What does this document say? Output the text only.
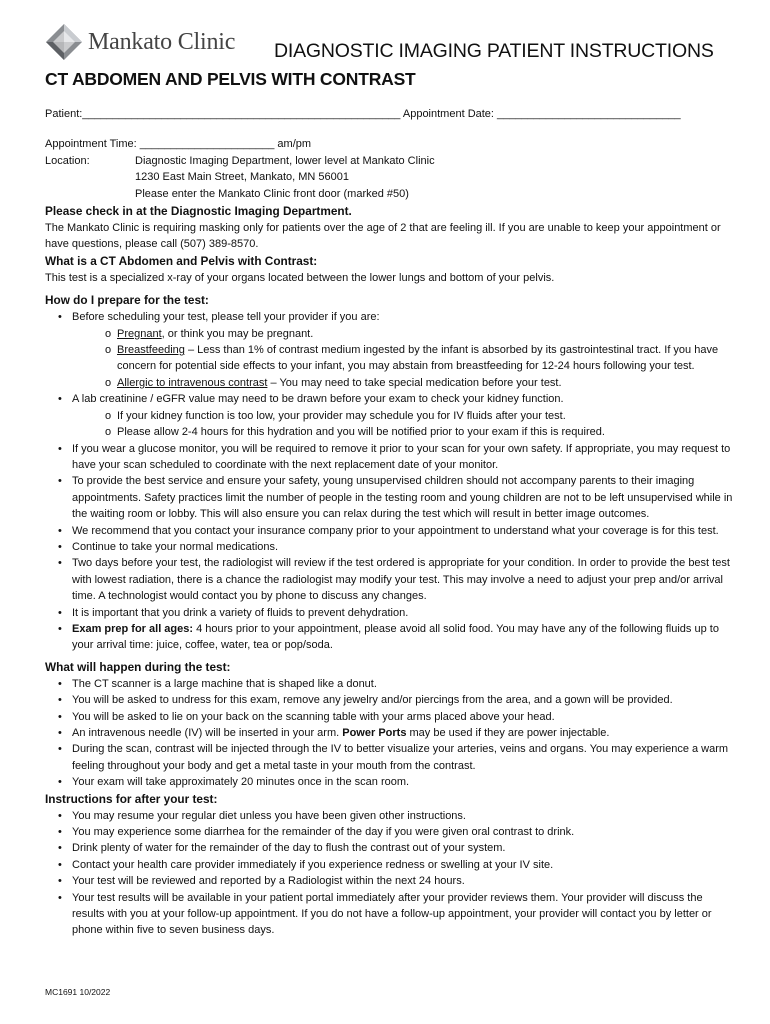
Mankato Clinic DIAGNOSTIC IMAGING PATIENT INSTRUCTIONS
CT ABDOMEN AND PELVIS WITH CONTRAST
Patient:____________________________________________________ Appointment Date: ______________________________
Appointment Time: ______________________ am/pm
Location:	Diagnostic Imaging Department, lower level at Mankato Clinic
1230 East Main Street, Mankato, MN 56001
Please enter the Mankato Clinic front door (marked #50)
Please check in at the Diagnostic Imaging Department.

The Mankato Clinic is requiring masking only for patients over the age of 2 that are feeling ill. If you are unable to keep your appointment or have questions, please call (507) 389-8570.

What is a CT Abdomen and Pelvis with Contrast:

This test is a specialized x-ray of your organs located between the lower lungs and bottom of your pelvis.

How do I prepare for the test:
• Before scheduling your test, please tell your provider if you are:
o Pregnant, or think you may be pregnant.
o Breastfeeding – Less than 1% of contrast medium ingested by the infant is absorbed by its gastrointestinal tract. If you have concern for potential side effects to your infant, you may abstain from breastfeeding for 12-24 hours following your test.
o Allergic to intravenous contrast – You may need to take special medication before your test.
• A lab creatinine / eGFR value may need to be drawn before your exam to check your kidney function.
o If your kidney function is too low, your provider may schedule you for IV fluids after your test.
o Please allow 2-4 hours for this hydration and you will be notified prior to your exam if this is required.
• If you wear a glucose monitor, you will be required to remove it prior to your scan for your own safety. If appropriate, you may request to have your scan scheduled to coordinate with the next replacement date of your monitor.
• To provide the best service and ensure your safety, young unsupervised children should not accompany parents to their imaging appointments. Safety practices limit the number of people in the testing room and young children are not to be left unsupervised while in the waiting room or lobby. This will also ensure you can relax during the test which will result in better image outcomes.
• We recommend that you contact your insurance company prior to your appointment to understand what your coverage is for this test.
• Continue to take your normal medications.
• Two days before your test, the radiologist will review if the test ordered is appropriate for your condition. In order to provide the best test with lowest radiation, there is a chance the radiologist may modify your test. This may involve a need to adjust your prep and/or arrival time. A technologist would contact you by phone to discuss any changes.
• It is important that you drink a variety of fluids to prevent dehydration.
• Exam prep for all ages: 4 hours prior to your appointment, please avoid all solid food. You may have any of the following fluids up to your arrival time: juice, coffee, water, tea or pop/soda.
What will happen during the test:
• The CT scanner is a large machine that is shaped like a donut.
• You will be asked to undress for this exam, remove any jewelry and/or piercings from the area, and a gown will be provided.
• You will be asked to lie on your back on the scanning table with your arms placed above your head.
• An intravenous needle (IV) will be inserted in your arm. Power Ports may be used if they are power injectable.
• During the scan, contrast will be injected through the IV to better visualize your arteries, veins and organs. You may experience a warm feeling throughout your body and get a metal taste in your mouth from the contrast.
• Your exam will take approximately 20 minutes once in the scan room.
Instructions for after your test:
• You may resume your regular diet unless you have been given other instructions.
• You may experience some diarrhea for the remainder of the day if you were given oral contrast to drink.
• Drink plenty of water for the remainder of the day to flush the contrast out of your system.
• Contact your health care provider immediately if you experience redness or swelling at your IV site.
• Your test will be reviewed and reported by a Radiologist within the next 24 hours.
• Your test results will be available in your patient portal immediately after your provider reviews them. Your provider will discuss the results with you at your follow-up appointment. If you do not have a follow-up appointment, your provider will contact you by letter or phone within five to seven business days.
MC1691 10/2022
